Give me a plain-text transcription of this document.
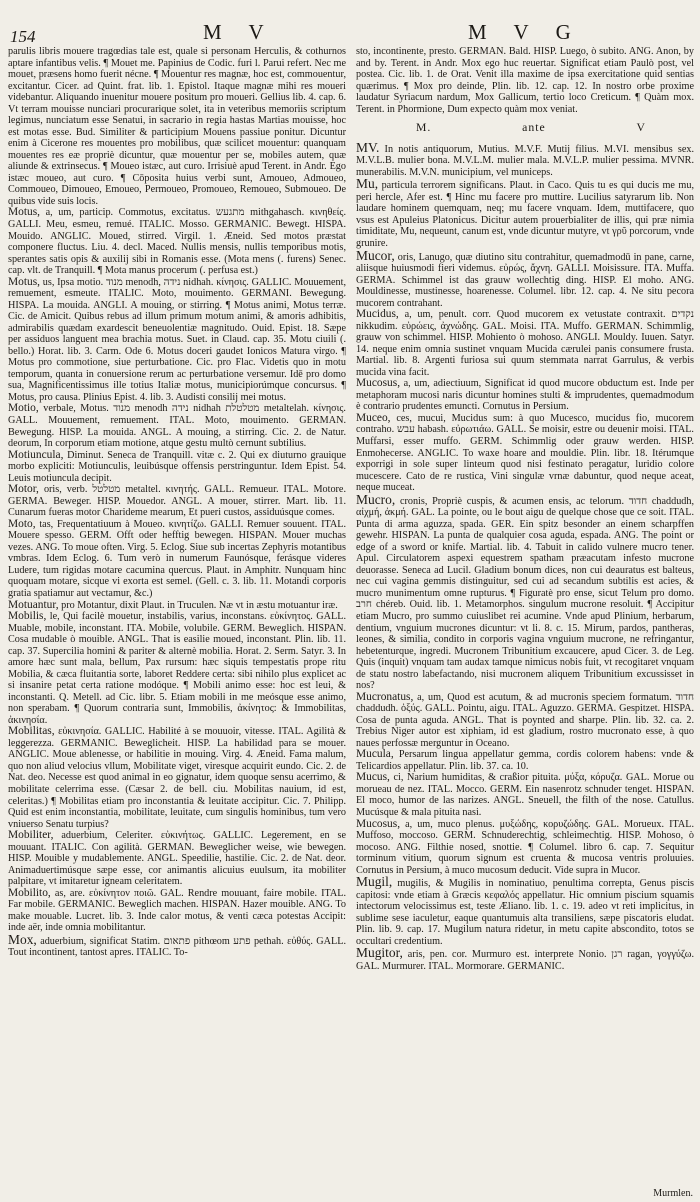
154	M V	M V G

parulis libris mouere tragœdias tale est, quale si personam Herculis, & cothurnos aptare infantibus velis. ¶ Mouet me. Papinius de Codic. furi l. Parui refert. Nec me mouet, præsens homo fuerit nécne. ¶ Mouentur res magnæ, hoc est, commouentur, excitantur. Cicer. ad Quint. frat. lib. 1. Epistol. Itaque magnæ mihi res moueri videbantur. Aliquando inuenitur mouere positum pro moueri. Gellius lib. 4. cap. 6. Vt terram mouisse nunciari procurarique solet, ita in veteribus memoriis scriptum legimus, nunciatum esse Senatui, in sacrario in regia hastas Martias mouisse, hoc est motas esse. Bud. Similiter & participium Mouens passiue ponitur. Dicuntur enim à Cicerone res mouentes pro mobilibus, quæ scilicet mouentur: quanquam mouentes res eæ propriè dicuntur, quæ mouentur per se, mobiles autem, quæ aliunde & extrinsecus. ¶ Moueo istæc, aut curo. Irrisiuè apud Terent. in Andr. Ego istæc moueo, aut curo. ¶ Cōposita huius verbi sunt, Amoueo, Admoueo, Commoueo, Dimoueo, Emoueo, Permoueo, Promoueo, Remoueo, Submoueo. De quibus vide suis locis.

Motus, a, um, particip. Commotus, excitatus. מתגעש mithgahasch. κινηθείς. GALLI. Meu, esmeu, remué. ITALIC. Mosso. GERMANIC. Bewegt. HISPA. Mouido. ANGLIC. Moued, stirred. Virgil. 1. Æneid. Sed motos præstat componere fluctus. Liu. 4. decl. Maced. Nullis mensis, nullis temporibus motis, sperantes satis opis & auxilij sibi in Romanis esse. (Mota mens (. furens) Senec. cap. vlt. de Tranquill. ¶ Mota manus procerum (. perfusa est.)

Motus, us, Ipsa motio. מנוד menodh, נידה nidhah. κίνησις. GALLIC. Mouuement, remuement, esmeute. ITALIC. Moto, mouimento. GERMANI. Bewegung. HISPA. La mouida. ANGLI. A mouing, or stirring. ¶ Motus animi, Motus terræ. Cic. de Amicit. Quibus rebus ad illum primum motum animi, & amoris adhibitis, admirabilis quædam exardescit beneuolentiæ magnitudo. Ouid. Epist. 18. Sæpe per assiduos languent mea brachia motus. Suet. in Claud. cap. 35. Motu ciuili (. bello.) Horat. lib. 3. Carm. Ode 6. Motus doceri gaudet Ionicos Matura virgo. ¶ Motus pro commotione, siue perturbatione. Cic. pro Flac. Videtis quo in motu temporum, quanta in conuersione rerum ac perturbatione versemur. Idē pro domo sua, Magnificentissimus ille totius Italiæ motus, municipiorúmque concursus. ¶ Motus, pro causa. Plinius Epist. 4. lib. 3. Audisti consilij mei motus.

Motio, verbale, Motus. מנוד menodh נידה nidhah מטלטלת metaltelah. κίνησις. GALL. Mouuement, remuement. ITAL. Moto, mouimento. GERMAN. Bewegung. HISP. La mouida. ANGL. A mouing, a stirring. Cic. 2. de Natur. deorum, In corporum etiam motione, atque gestu multò cernunt subtilius.

Motiuncula, Diminut. Seneca de Tranquill. vitæ c. 2. Qui ex diuturno grauique morbo expliciti: Motiunculis, leuibúsque offensis perstringuntur. Idem Epist. 54. Leuis motiuncula decipit.

Motor, oris, verb. מטלטל metaltel. κινητής. GALL. Remueur. ITAL. Motore. GERMA. Beweger. HISP. Mouedor. ANGL. A mouer, stirrer. Mart. lib. 11. Cunarum fueras motor Charideme mearum, Et pueri custos, assiduúsque comes.

Moto, tas, Frequentatiuum à Moueo. κινητίζω. GALLI. Remuer souuent. ITAL. Mouere spesso. GERM. Offt oder hefftig bewegen. HISPAN. Mouer muchas vezes. ANG. To moue often. Virg. 5. Eclog. Siue sub incertas Zephyris motantibus vmbras. Idem Eclog. 6. Tum verò in numerum Faunósque, ferásque videres Ludere, tum rigidas motare cacumina quercus. Plaut. in Amphitr. Nunquam hinc quoquam motare, sicque vi exorta est semel. (Gell. c. 3. lib. 11. Motandi corporis gratia spatiamur aut vectamur, &c.)

Motuantur, pro Motantur, dixit Plaut. in Truculen. Næ vt in æstu motuantur iræ.

Mobilis, le, Qui facilè mouetur, instabilis, varius, inconstans. εὐκίνητος. GALL. Muable, mobile, inconstant. ITA. Mobile, volubile. GERM. Beweglich. HISPAN. Cosa mudable ò mouible. ANGL. That is easilie moued, inconstant. Plin. lib. 11. cap. 37. Supercilia homini & pariter & alternè mobilia. Horat. 2. Serm. Satyr. 3. In amore hæc sunt mala, bellum, Pax rursum: hæc siquis tempestatis prope ritu Mobilia, & cæca fluitantia sorte, laboret Reddere certa: sibi nihilo plus explicet ac si insanire petat certa ratione modóque. ¶ Mobili animo esse: hoc est leui, & inconstanti. Q. Metell. ad Cic. libr. 5. Etiam mobili in me meósque esse animo, non sperabam. ¶ Quorum contraria sunt, Immobilis, ἀκίνητος: & Immobilitas, ἀκινησία.

Mobilitas, εὐκινησία. GALLIC. Habilité à se mouuoir, vitesse. ITAL. Agilità & leggerezza. GERMANIC. Beweglicheit. HISP. La habilidad para se mouer. ANGLIC. Moue ablenesse, or habilitie in mouing. Virg. 4. Æneid. Fama malum, quo non aliud velocius vllum, Mobilitate viget, viresque acquirit eundo. Cic. 2. de Nat. deo. Necesse est quod animal in eo gignatur, idem quoque sensu acerrimo, & mobilitate celerrima esse. (Cæsar 2. de bell. ciu. Mobilitas nauium, id est, celeritas.) ¶ Mobilitas etiam pro inconstantia & leuitate accipitur. Cic. 7. Philipp. Quid est enim inconstantia, mobilitate, leuitate, cum singulis hominibus, tum vero vniuerso Senatu turpius?

Mobiliter, aduerbium, Celeriter. εὐκινήτως. GALLIC. Legerement, en se mouuant. ITALIC. Con agilità. GERMAN. Beweglicher weise, wie bewegen. HISP. Mouible y mudablemente. ANGL. Speedilie, hastilie. Cic. 2. de Nat. deor. Animaduertimúsque sæpe esse, cor animantis alicuius euulsum, ita mobiliter palpitare, vt imitaretur igneam celeritatem.

Mobilito, as, are. εὐκίνητον ποιῶ. GAL. Rendre mouuant, faire mobile. ITAL. Far mobile. GERMANIC. Beweglich machen. HISPAN. Hazer mouible. ANG. To make mouable. Lucret. lib. 3. Inde calor motus, & venti cæca potestas Accipit: inde aër, inde omnia mobilitantur.

Mox, aduerbium, significat Statim. פתאום pithœom פתע pethah. εὐθύς. GALL. Tout incontinent, tantost apres. ITALIC. To-

sto, incontinente, presto. GERMAN. Bald. HISP. Luego, ò subito. ANG. Anon, by and by. Terent. in Andr. Mox ego huc reuertar. Significat etiam Paulò post, vel postea. Cic. lib. 1. de Orat. Venit illa maxime de ipsa exercitatione quid sentias quærimus. ¶ Mox pro deinde, Plin. lib. 12. cap. 12. In nostro orbe proxime laudatur Syriacum nardum, Mox Gallicum, tertio loco Creticum. ¶ Quàm mox. Terent. in Phormione, Dum expecto quàm mox veniat.

M.	ante	V

MV. In notis antiquorum, Mutius. M.V.F. Mutij filius. M.VI. mensibus sex. M.V.L.B. mulier bona. M.V.L.M. mulier mala. M.V.L.P. mulier pessima. MVNR. munerabilis. M.V.N. municipium, vel municeps.

Mu, particula terrorem significans. Plaut. in Caco. Quis tu es qui ducis me mu, peri hercle, Afer est. ¶ Hinc mu facere pro muttire. Lucilius satyrarum lib. Non laudare hominem quemquam, neq; mu facere vnquam. Idem, muttifacere, quo vsus est Apuleius Platonicus. Dicitur autem prouerbialiter de illis, qui præ nimia timiditate, Mu, nequeunt, canum est, vnde dicuntur mutyre, vt γρῦ porcorum, vnde grunire.

Mucor, oris, Lanugo, quæ diutino situ contrahitur, quemadmodū in pane, carne, aliisque huiusmodi fieri videmus. εὐρώς, ἄχνη. GALLI. Moisissure. ITA. Muffa. GERMA. Schimmel ist das grauw wollechtig ding. HISP. El moho. ANG. Mouldinesse, mustinesse, hoarenesse. Columel. libr. 12. cap. 4. Ne situ pecora mucorem contrahant.

Mucidus, a, um, penult. corr. Quod mucorem ex vetustate contraxit. נקדים nikkudim. εὐρώεις, ἀχνώδης. GAL. Moisi. ITA. Muffo. GERMAN. Schimmlig, grauw von schimmel. HISP. Mohiento ò mohoso. ANGLI. Mouldy. Iuuen. Satyr. 14. neque enim omnia sustinet vnquam Mucida cærulei panis consumere frusta. Martial. lib. 8. Argenti furiosa sui quum stemmata narrat Garrulus, & verbis mucida vina facit.

Mucosus, a, um, adiectiuum, Significat id quod mucore obductum est. Inde per metaphoram mucosi naris dicuntur homines stulti & imprudentes, quemadmodum è contrario prudentes emuncti. Cornutus in Persium.

Muceo, ces, mucui, Mucidus sum: à quo Mucesco, mucidus fio, mucorem contraho. עבש habash. εὐρωτιάω. GALL. Se moisir, estre ou deuenir moisi. ITAL. Muffarsi, esser muffo. GERM. Schimmlig oder grauw werden. HISP. Enmohecerse. ANGLIC. To waxe hoare and mouldie. Plin. libr. 18. Itérumque exporrigi in sole super linteum quod nisi festinato peragatur, luridio colore mucescere. Cato de re rustica, Vini singulæ vrnæ dabuntur, quod neque aceat, neque muceat.

Mucro, cronis, Propriè cuspis, & acumen ensis, ac telorum. חדוד chaddudh, αἰχμή, ἀκμή. GAL. La pointe, ou le bout aigu de quelque chose que ce soit. ITAL. Punta di arma aguzza, spada. GER. Ein spitz besonder an einem scharpffen gewehr. HISPAN. La punta de qualquier cosa aguda, espada. ANG. The point or edge of a sword or knife. Martial. lib. 4. Tabuit in calido vulnere mucro tener. Apul. Circulatorem aspexi equestrem spatham præacutam infesto mucrone deuorasse. Seneca ad Lucil. Gladium bonum dices, non cui deauratus est balteus, nec cui vagina gemmis distinguitur, sed cui ad secandum subtilis est acies, & mucro munimentum omne rupturus. ¶ Figuratè pro ense, sicut Telum pro domo. חרב chéreb. Ouid. lib. 1. Metamorphos. singulum mucrone resoluit. ¶ Accipitur etiam Mucro, pro summo cuiuslibet rei acumine. Vnde apud Plinium, herbarum, dentium, vnguium mucrones dicuntur: vt li. 8. c. 15. Mirum, pardos, pantheras, leones, & similia, condito in corporis vagina vnguium mucrone, ne refringantur, hebetenturque, ingredi. Mucronem Tribunitium excaucere, apud Cicer. 3. de Leg. Quis (inquit) vnquam tam audax tamque nimicus nobis fuit, vt recogitaret vnquam de statu nostro labefactando, nisi mucronem aliquem Tribunitium excussisset in nos?

Mucronatus, a, um, Quod est acutum, & ad mucronis speciem formatum. חדוד chaddudh. ὀξύς. GALL. Pointu, aigu. ITAL. Aguzzo. GERMA. Gespitzet. HISPA. Cosa de punta aguda. ANGL. That is poynted and sharpe. Plin. lib. 32. ca. 2. Trebius Niger autor est xiphiam, id est gladium, rostro mucronato esse, à quo naues perfossæ merguntur in Oceano.

Mucula, Persarum lingua appellatur gemma, cordis colorem habens: vnde & Telicardios appellatur. Plin. lib. 37. ca. 10.

Mucus, ci, Narium humiditas, & craßior pituita. μύξα, κόρυζα. GAL. Morue ou morueau de nez. ITAL. Mocco. GERM. Ein nasenrotz schnuder tenget. HISPAN. El moco, humor de las narizes. ANGL. Sneuell, the filth of the nose. Catullus. Mucúsque & mala pituita nasi.

Mucosus, a, um, muco plenus. μυξώδης, κορυζώδης. GAL. Morueux. ITAL. Muffoso, moccoso. GERM. Schnuderechtig, schleimechtig. HISP. Mohoso, ò mocoso. ANG. Filthie nosed, snottie. ¶ Columel. libro 6. cap. 7. Sequitur torminum vitium, quorum signum est cruenta & mucosa ventris proluuies. Cornutus in Persium, à muco mucosum deducit. Vide supra in Mucor.

Mugil, mugilis, & Mugilis in nominatiuo, penultima correpta, Genus piscis capitosi: vnde etiam à Græcis κεφαλός appellatur. Hic omnium piscium squamis intectorum velocissimus est, teste Æliano. lib. 1. c. 19. adeo vt reti implicitus, in sublime sese iaculetur, eaque quantumuis alta transiliens, sæpe piscatoris eludat. Plin. lib. 9. cap. 17. Mugilum natura ridetur, in metu capite abscondito, totos se occultari credentium.

Mugitor, aris, pen. cor. Murmuro est. interprete Nonio. רגן ragan, γογγύζω. GAL. Murmurer. ITAL. Mormorare. GERMANIC.

Murmlen.
